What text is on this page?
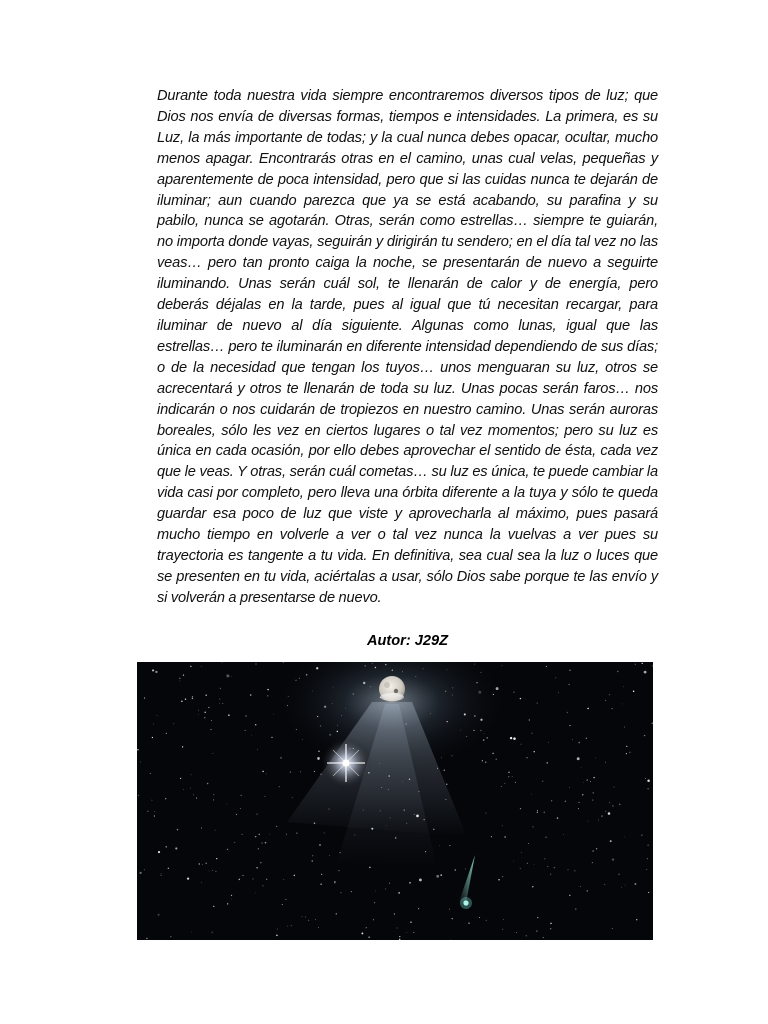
Durante toda nuestra vida siempre encontraremos diversos tipos de luz; que Dios nos envía de diversas formas, tiempos e intensidades. La primera, es su Luz, la más importante de todas; y la cual nunca debes opacar, ocultar, mucho menos apagar. Encontrarás otras en el camino, unas cual velas, pequeñas y aparentemente de poca intensidad, pero que si las cuidas nunca te dejarán de iluminar; aun cuando parezca que ya se está acabando, su parafina y su pabilo, nunca se agotarán. Otras, serán como estrellas… siempre te guiarán, no importa donde vayas, seguirán y dirigirán tu sendero; en el día tal vez no las veas… pero tan pronto caiga la noche, se presentarán de nuevo a seguirte iluminando. Unas serán cuál sol, te llenarán de calor y de energía, pero deberás déjalas en la tarde, pues al igual que tú necesitan recargar, para iluminar de nuevo al día siguiente. Algunas como lunas, igual que las estrellas… pero te iluminarán en diferente intensidad dependiendo de sus días; o de la necesidad que tengan los tuyos… unos menguaran su luz, otros se acrecentará y otros te llenarán de toda su luz. Unas pocas serán faros… nos indicarán o nos cuidarán de tropiezos en nuestro camino. Unas serán auroras boreales, sólo les vez en ciertos lugares o tal vez momentos; pero su luz es única en cada ocasión, por ello debes aprovechar el sentido de ésta, cada vez que le veas. Y otras, serán cuál cometas… su luz es única, te puede cambiar la vida casi por completo, pero lleva una órbita diferente a la tuya y sólo te queda guardar esa poco de luz que viste y aprovecharla al máximo, pues pasará mucho tiempo en volverle a ver o tal vez nunca la vuelvas a ver pues su trayectoria es tangente a tu vida. En definitiva, sea cual sea la luz o luces que se presenten en tu vida, aciértalas a usar, sólo Dios sabe porque te las envío y si volverán a presentarse de nuevo.

Autor: J29Z
